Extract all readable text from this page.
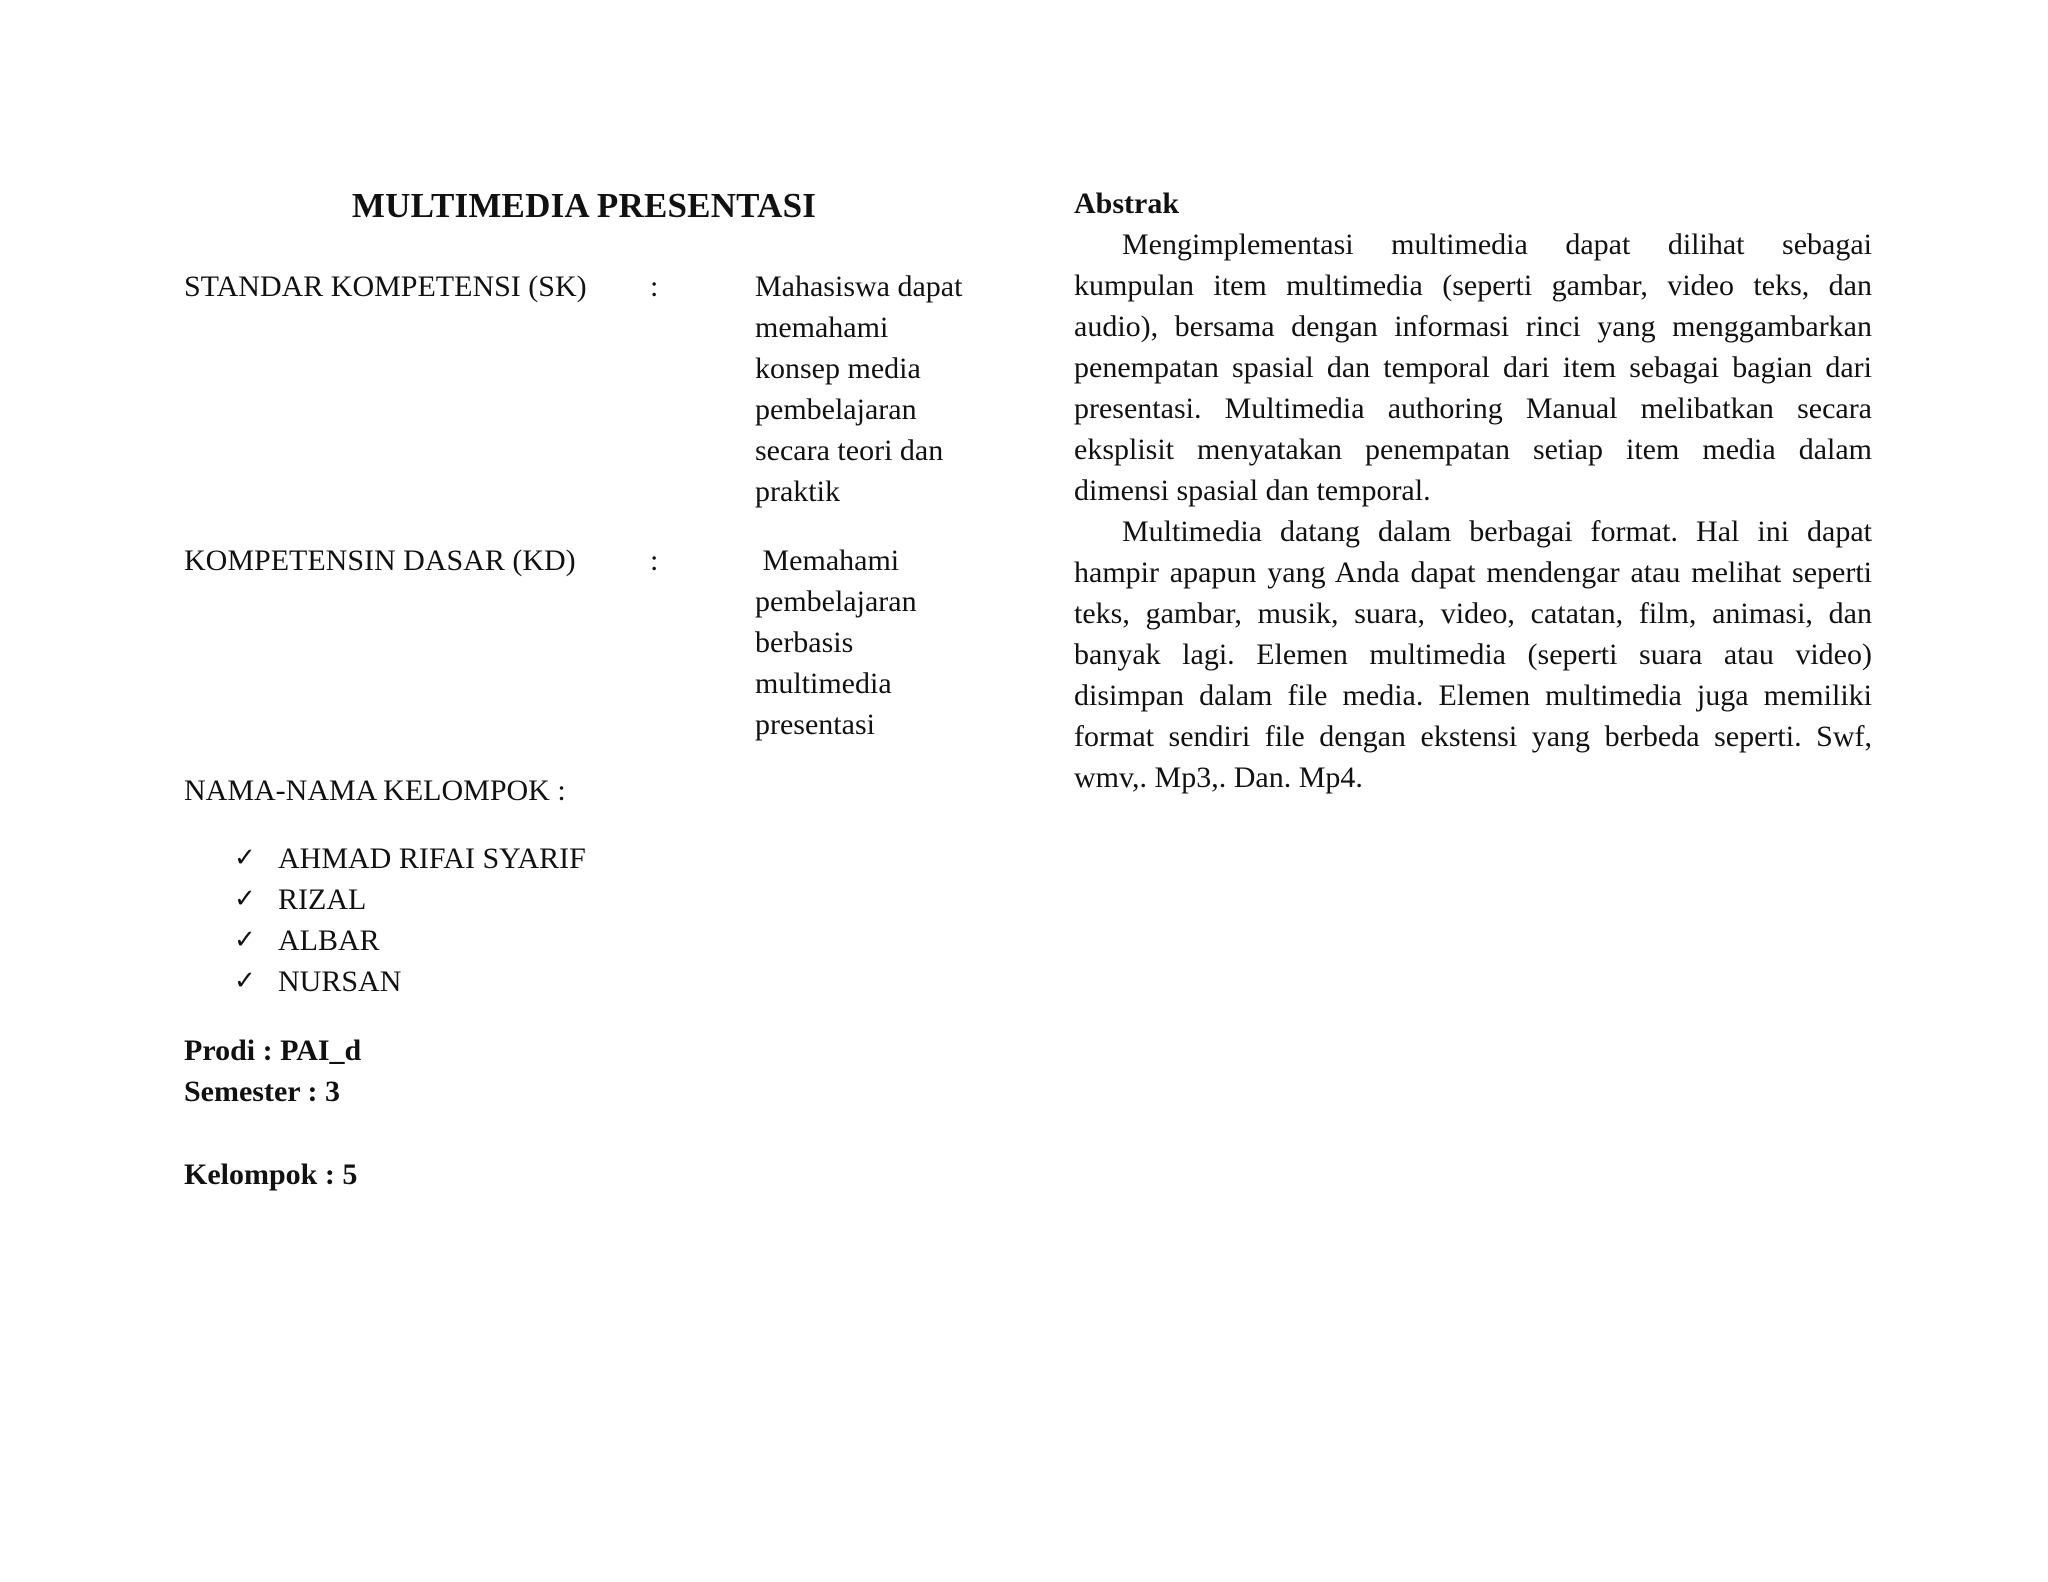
MULTIMEDIA PRESENTASI
STANDAR KOMPETENSI (SK) :	Mahasiswa dapat
memahami
konsep media
pembelajaran
secara teori dan
praktik
KOMPETENSIN DASAR (KD) :	Memahami
pembelajaran
berbasis
multimedia
presentasi
NAMA-NAMA KELOMPOK :
✓ AHMAD RIFAI SYARIF
✓ RIZAL
✓ ALBAR
✓ NURSAN
Prodi : PAI_d
Semester : 3
Kelompok : 5

Abstrak

Mengimplementasi multimedia dapat dilihat sebagai kumpulan item multimedia (seperti gambar, video teks, dan audio), bersama dengan informasi rinci yang menggambarkan penempatan spasial dan temporal dari item sebagai bagian dari presentasi. Multimedia authoring Manual melibatkan secara eksplisit menyatakan penempatan setiap item media dalam dimensi spasial dan temporal.

Multimedia datang dalam berbagai format. Hal ini dapat hampir apapun yang Anda dapat mendengar atau melihat seperti teks, gambar, musik, suara, video, catatan, film, animasi, dan banyak lagi. Elemen multimedia (seperti suara atau video) disimpan dalam file media. Elemen multimedia juga memiliki format sendiri file dengan ekstensi yang berbeda seperti. Swf, wmv,. Mp3,. Dan. Mp4.
